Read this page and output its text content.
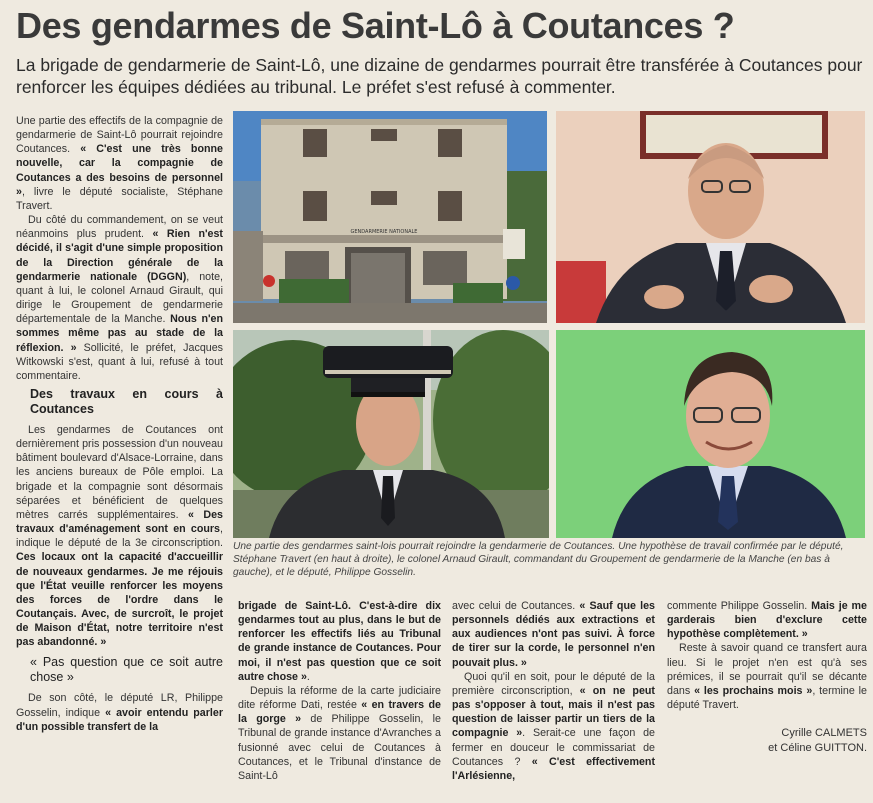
Des gendarmes de Saint-Lô à Coutances ?
La brigade de gendarmerie de Saint-Lô, une dizaine de gendarmes pourrait être transférée à Coutances pour renforcer les équipes dédiées au tribunal. Le préfet s'est refusé à commenter.

Une partie des effectifs de la compagnie de gendarmerie de Saint-Lô pourrait rejoindre Coutances. « C'est une très bonne nouvelle, car la compagnie de Coutances a des besoins de personnel », livre le député socialiste, Stéphane Travert.

Du côté du commandement, on se veut néanmoins plus prudent. « Rien n'est décidé, il s'agit d'une simple proposition de la Direction générale de la gendarmerie nationale (DGGN), note, quant à lui, le colonel Arnaud Girault, qui dirige le Groupement de gendarmerie départementale de la Manche. Nous n'en sommes même pas au stade de la réflexion. » Sollicité, le préfet, Jacques Witkowski s'est, quant à lui, refusé à tout commentaire.

Des travaux en cours à Coutances

Les gendarmes de Coutances ont dernièrement pris possession d'un nouveau bâtiment boulevard d'Alsace-Lorraine, dans les anciens bureaux de Pôle emploi. La brigade et la compagnie sont désormais séparées et bénéficient de quelques mètres carrés supplémentaires. « Des travaux d'aménagement sont en cours, indique le député de la 3e circonscription. Ces locaux ont la capacité d'accueillir de nouveaux gendarmes. Je me réjouis que l'État veuille renforcer les moyens des forces de l'ordre dans le Coutançais. Avec, de surcroît, le projet de Maison d'État, notre territoire n'est pas abandonné. »

« Pas question que ce soit autre chose »

De son côté, le député LR, Philippe Gosselin, indique « avoir entendu parler d'un possible transfert de la

GENDARMERIE NATIONALE
Une partie des gendarmes saint-lois pourrait rejoindre la gendarmerie de Coutances. Une hypothèse de travail confirmée par le député, Stéphane Travert (en haut à droite), le colonel Arnaud Girault, commandant du Groupement de gendarmerie de la Manche (en bas à gauche), et le député, Philippe Gosselin.

brigade de Saint-Lô. C'est-à-dire dix gendarmes tout au plus, dans le but de renforcer les effectifs liés au Tribunal de grande instance de Coutances. Pour moi, il n'est pas question que ce soit autre chose ».

Depuis la réforme de la carte judiciaire dite réforme Dati, restée « en travers de la gorge » de Philippe Gosselin, le Tribunal de grande instance d'Avranches a fusionné avec celui de Coutances à Coutances, et le Tribunal d'instance de Saint-Lô

avec celui de Coutances. « Sauf que les personnels dédiés aux extractions et aux audiences n'ont pas suivi. À force de tirer sur la corde, le personnel n'en pouvait plus. »

Quoi qu'il en soit, pour le député de la première circonscription, « on ne peut pas s'opposer à tout, mais il n'est pas question de laisser partir un tiers de la compagnie ». Serait-ce une façon de fermer en douceur le commissariat de Coutances ? « C'est effectivement l'Arlésienne,

commente Philippe Gosselin. Mais je me garderais bien d'exclure cette hypothèse complètement. »

Reste à savoir quand ce transfert aura lieu. Si le projet n'en est qu'à ses prémices, il se pourrait qu'il se décante dans « les prochains mois », termine le député Travert.

Cyrille CALMETS
et Céline GUITTON.
